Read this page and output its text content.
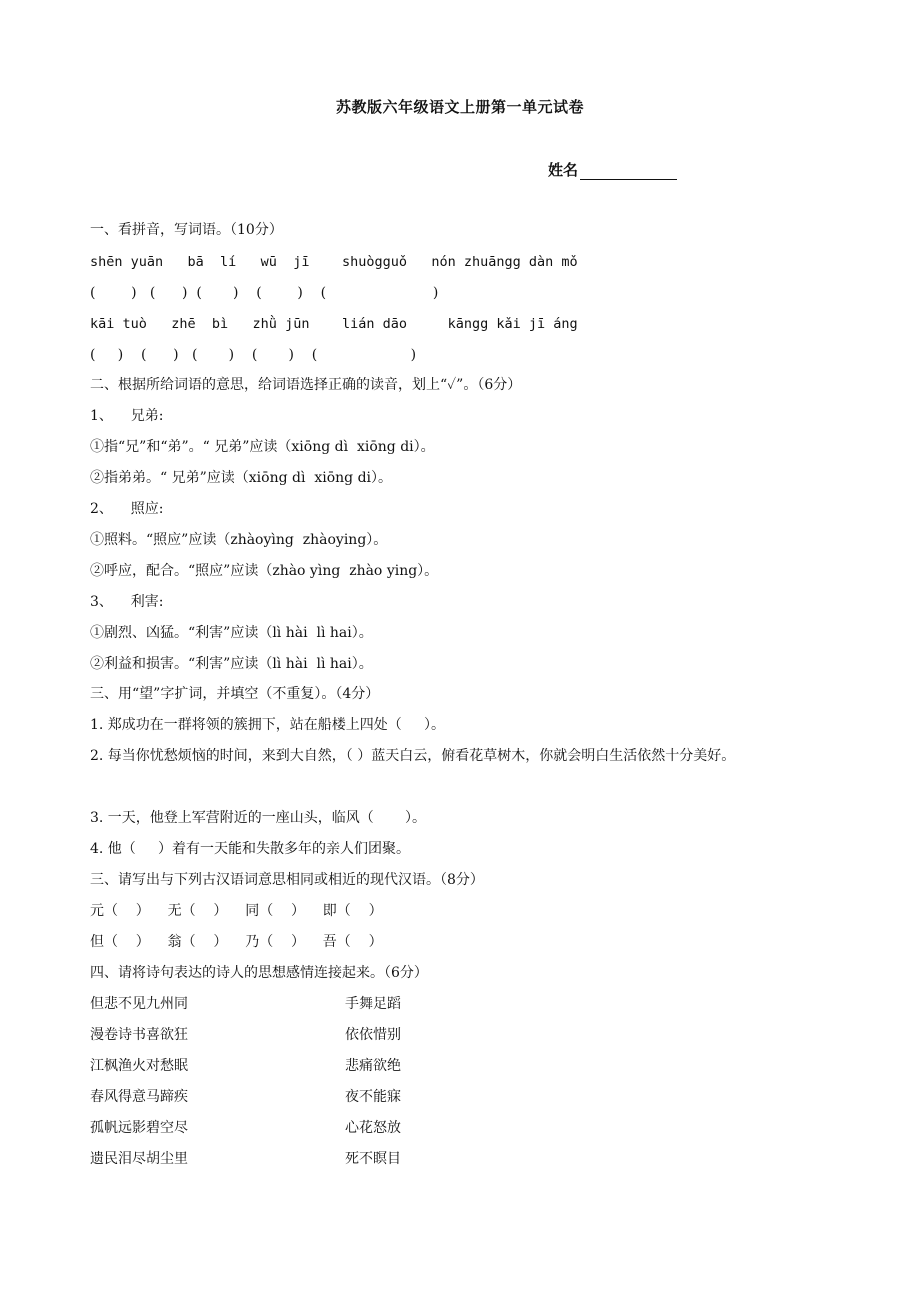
苏教版六年级语文上册第一单元试卷
姓名
一、看拼音，写词语。（10分）
shēn yuān   bā  lí   wū  jī    shuògguǒ   nón zhuāngg dàn mǒ
(        )   (      )  (       )    (        )    (                        )
kāi tuò   zhē  bì   zhǜ jūn    lián dāo     kāngg kǎi jī áng
(     )    (      )   (       )    (       )    (                     )
二、根据所给词语的意思，给词语选择正确的读音，划上“✓”。（6分）
1、    兄弟:
①指“兄”和“弟”。“ 兄弟”应读（xiōng dì  xiōng di）。
②指弟弟。“ 兄弟”应读（xiōng dì  xiōng di）。
2、    照应:
①照料。“照应”应读（zhàoyìng  zhàoying）。
②呼应，配合。“照应”应读（zhào yìng  zhào ying）。
3、    利害:
①剧烈、凶猛。“利害”应读（lì hài  lì hai）。
②利益和损害。“利害”应读（lì hài  lì hai）。
三、用“望”字扩词，并填空（不重复）。（4分）
1. 郑成功在一群将领的簇拥下，站在船楼上四处（     ）。
2. 每当你忧愁烦恼的时间，来到大自然，（ ）蓝天白云，俯看花草树木，你就会明白生活依然十分美好。
3. 一天，他登上军营附近的一座山头，临风（       ）。
4. 他（     ）着有一天能和失散多年的亲人们团聚。
三、请写出与下列古汉语词意思相同或相近的现代汉语。（8分）
元（    ）    无（    ）    同（    ）    即（    ）
但（    ）    翁（    ）    乃（    ）    吾（    ）
四、请将诗句表达的诗人的思想感情连接起来。（6分）
但悲不见九州同	手舞足蹈
漫卷诗书喜欲狂	依依惜别
江枫渔火对愁眠	悲痛欲绝
春风得意马蹄疾	夜不能寐
孤帆远影碧空尽	心花怒放
遗民泪尽胡尘里	死不瞑目
